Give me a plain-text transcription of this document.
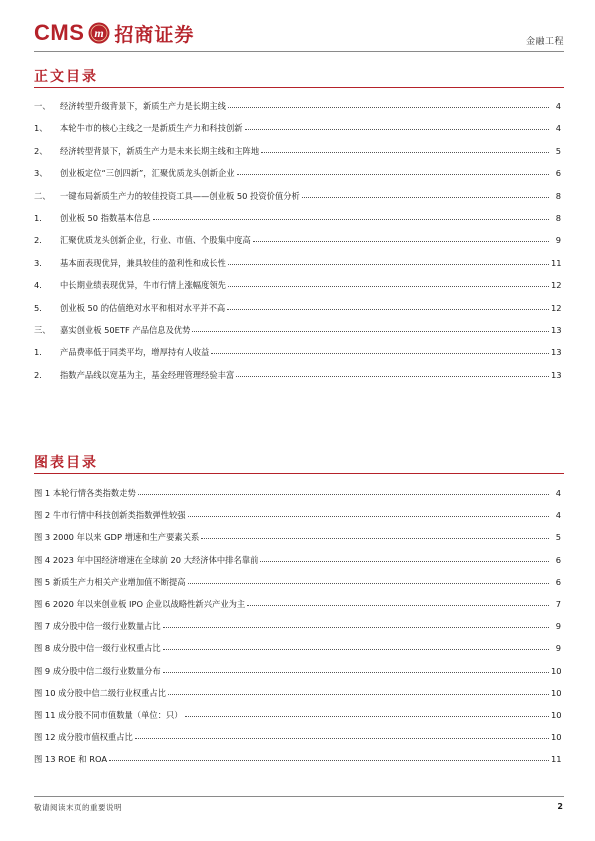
CMS m 招商证券	金融工程
正文目录
一、	经济转型升级背景下，新质生产力是长期主线	4
1、	本轮牛市的核心主线之一是新质生产力和科技创新	4
2、	经济转型背景下，新质生产力是未来长期主线和主阵地	5
3、	创业板定位“三创四新”，汇聚优质龙头创新企业	6
二、	一键布局新质生产力的较佳投资工具——创业板 50 投资价值分析	8
1.	创业板 50 指数基本信息	8
2.	汇聚优质龙头创新企业，行业、市值、个股集中度高	9
3.	基本面表现优异，兼具较佳的盈利性和成长性	11
4.	中长期业绩表现优异，牛市行情上涨幅度领先	12
5.	创业板 50 的估值绝对水平和相对水平并不高	12
三、	嘉实创业板 50ETF 产品信息及优势	13
1.	产品费率低于同类平均，增厚持有人收益	13
2.	指数产品线以宽基为主，基金经理管理经验丰富	13
图表目录
图 1 本轮行情各类指数走势	4
图 2 牛市行情中科技创新类指数弹性较强	4
图 3 2000 年以来 GDP 增速和生产要素关系	5
图 4 2023 年中国经济增速在全球前 20 大经济体中排名靠前	6
图 5 新质生产力相关产业增加值不断提高	6
图 6 2020 年以来创业板 IPO 企业以战略性新兴产业为主	7
图 7 成分股中信一级行业数量占比	9
图 8 成分股中信一级行业权重占比	9
图 9 成分股中信二级行业数量分布	10
图 10 成分股中信二级行业权重占比	10
图 11 成分股不同市值数量（单位：只）	10
图 12 成分股市值权重占比	10
图 13 ROE 和 ROA	11
敬请阅读末页的重要说明	2
